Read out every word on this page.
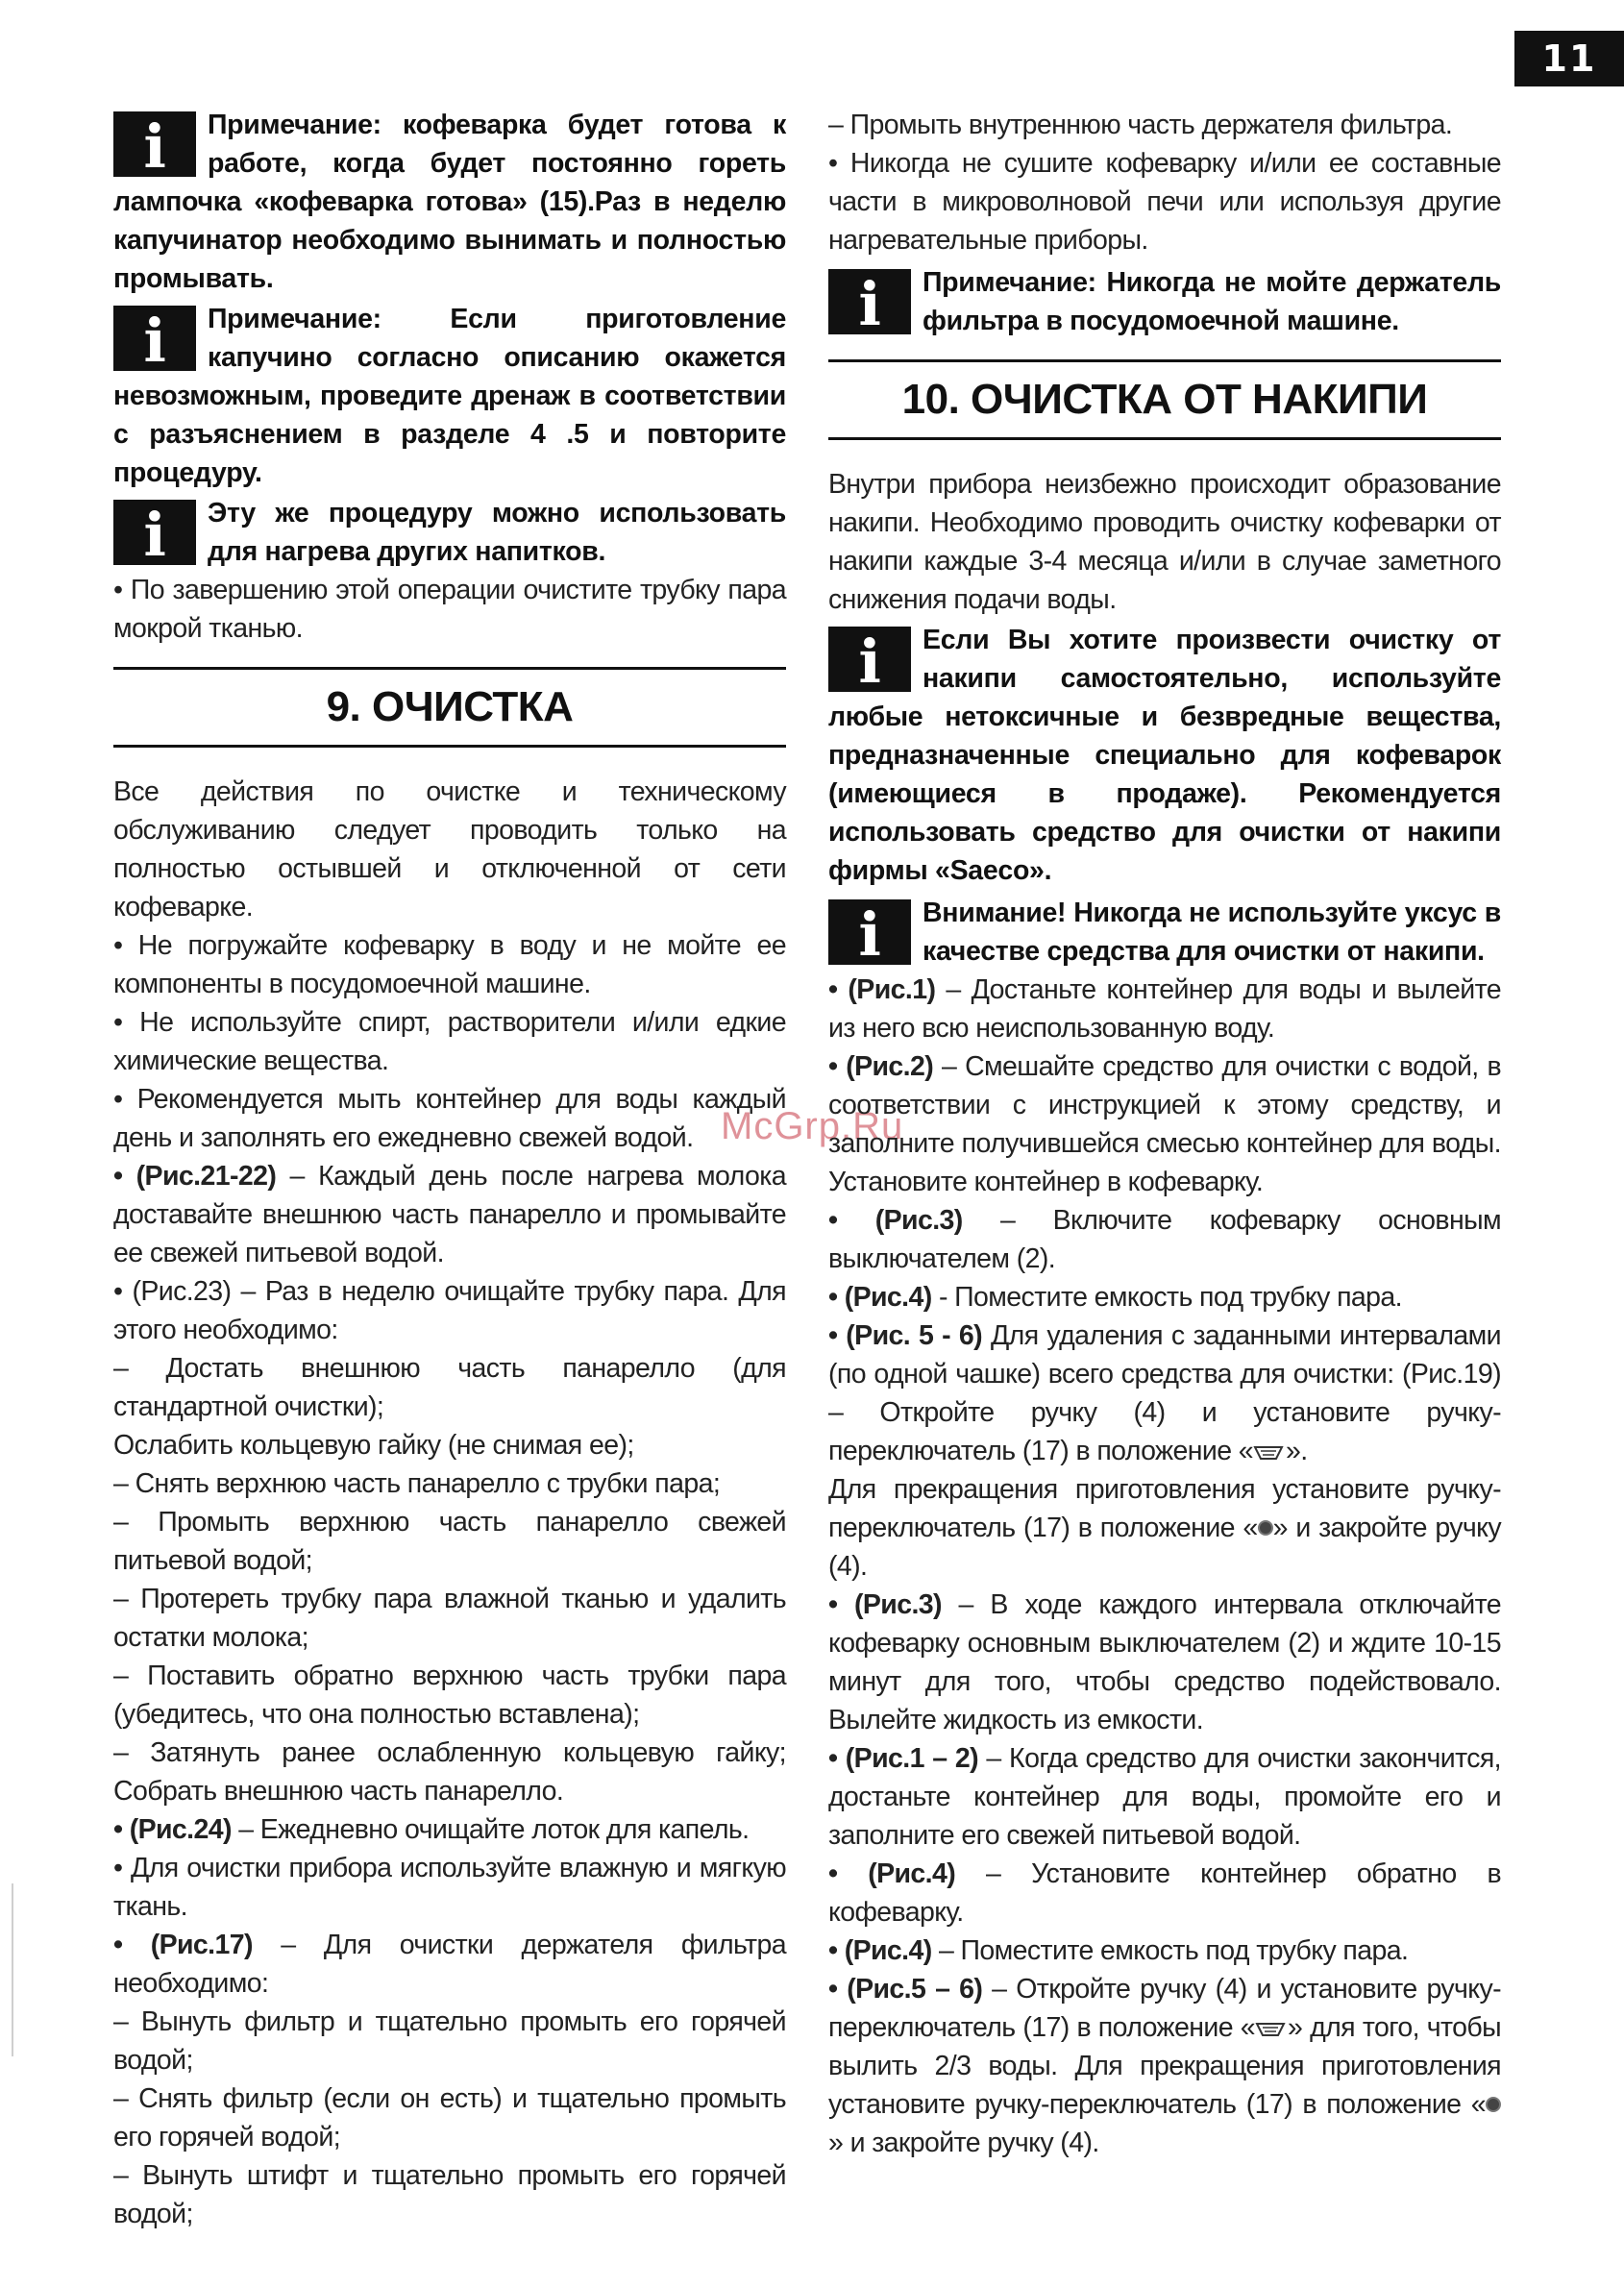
11
McGrp.Ru
i Примечание: кофеварка будет готова к работе, когда будет постоянно гореть лампочка «кофеварка готова» (15).Раз в неделю капучинатор необходимо вынимать и полностью промывать.
i Примечание: Если приготовление капучино согласно описанию окажется невозможным, проведите дренаж в соответствии с разъяснением в разделе 4 .5 и повторите процедуру.
i Эту же процедуру можно использовать для нагрева других напитков.
• По завершению этой операции очистите трубку пара мокрой тканью.
9. ОЧИСТКА
Все действия по очистке и техническому обслуживанию следует проводить только на полностью остывшей и отключенной от сети кофеварке.
• Не погружайте кофеварку в воду и не мойте ее компоненты в посудомоечной машине.
• Не используйте спирт, растворители и/или едкие химические вещества.
• Рекомендуется мыть контейнер для воды каждый день и заполнять его ежедневно свежей водой.
• (Рис.21-22) – Каждый день после нагрева молока доставайте внешнюю часть панарелло и промывайте ее свежей питьевой водой.
• (Рис.23) – Раз в неделю очищайте трубку пара. Для этого необходимо:
– Достать внешнюю часть панарелло (для стандартной очистки);
Ослабить кольцевую гайку (не снимая ее);
– Снять верхнюю часть панарелло с трубки пара;
– Промыть верхнюю часть панарелло свежей питьевой водой;
– Протереть трубку пара влажной тканью и удалить остатки молока;
– Поставить обратно верхнюю часть трубки пара (убедитесь, что она полностью вставлена);
– Затянуть ранее ослабленную кольцевую гайку; Собрать внешнюю часть панарелло.
• (Рис.24) – Ежедневно очищайте лоток для капель.
• Для очистки прибора используйте влажную и мягкую ткань.
• (Рис.17) – Для очистки держателя фильтра необходимо:
– Вынуть фильтр и тщательно промыть его горячей водой;
– Снять фильтр (если он есть) и тщательно промыть его горячей водой;
– Вынуть штифт и тщательно промыть его горячей водой;
– Промыть внутреннюю часть держателя фильтра.
• Никогда не сушите кофеварку и/или ее составные части в микроволновой печи или используя другие нагревательные приборы.
i Примечание: Никогда не мойте держатель фильтра в посудомоечной машине.
10. ОЧИСТКА ОТ НАКИПИ
Внутри прибора неизбежно происходит образование накипи. Необходимо проводить очистку кофеварки от накипи каждые 3-4 месяца и/или в случае заметного снижения подачи воды.
i Если Вы хотите произвести очистку от накипи самостоятельно, используйте любые нетоксичные и безвредные вещества, предназначенные специально для кофеварок (имеющиеся в продаже). Рекомендуется использовать средство для очистки от накипи фирмы «Saeco».
i Внимание! Никогда не используйте уксус в качестве средства для очистки от накипи.
• (Рис.1) – Достаньте контейнер для воды и вылейте из него всю неиспользованную воду.
• (Рис.2) – Смешайте средство для очистки с водой, в соответствии с инструкцией к этому средству, и заполните получившейся смесью контейнер для воды. Установите контейнер в кофеварку.
• (Рис.3) – Включите кофеварку основным выключателем (2).
• (Рис.4) - Поместите емкость под трубку пара.
• (Рис. 5 - 6) Для удаления с заданными интервалами (по одной чашке) всего средства для очистки: (Рис.19) – Откройте ручку (4) и установите ручку-переключатель (17) в положение « ».
Для прекращения приготовления установите ручку-переключатель (17) в положение « » и закройте ручку (4).
• (Рис.3) – В ходе каждого интервала отключайте кофеварку основным выключателем (2) и ждите 10-15 минут для того, чтобы средство подействовало. Вылейте жидкость из емкости.
• (Рис.1 – 2) – Когда средство для очистки закончится, достаньте контейнер для воды, промойте его и заполните его свежей питьевой водой.
• (Рис.4) – Установите контейнер обратно в кофеварку.
• (Рис.4) – Поместите емкость под трубку пара.
• (Рис.5 – 6) – Откройте ручку (4) и установите ручку-переключатель (17) в положение « » для того, чтобы вылить 2/3 воды. Для прекращения приготовления установите ручку-переключатель (17) в положение «» и закройте ручку (4).
